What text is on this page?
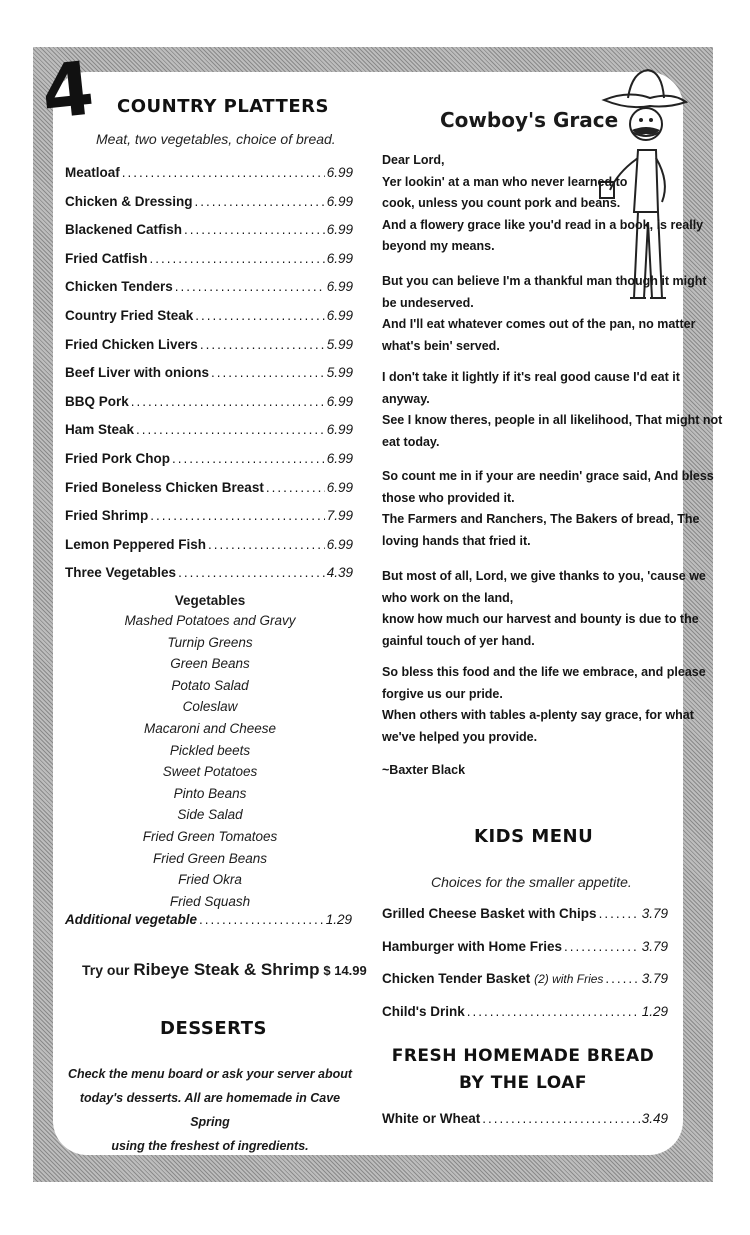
4 COUNTRY PLATTERS
Meat, two vegetables, choice of bread.
Meatloaf .....	6.99
Chicken & Dressing .....	6.99
Blackened Catfish .....	6.99
Fried Catfish .....	6.99
Chicken Tenders .....	6.99
Country Fried Steak .....	6.99
Fried Chicken Livers .....	5.99
Beef Liver with onions .....	5.99
BBQ Pork .....	6.99
Ham Steak .....	6.99
Fried Pork Chop .....	6.99
Fried Boneless Chicken Breast .....	6.99
Fried Shrimp .....	7.99
Lemon Peppered Fish .....	6.99
Three Vegetables .....	4.39
Vegetables
Mashed Potatoes and Gravy
Turnip Greens
Green Beans
Potato Salad
Coleslaw
Macaroni and Cheese
Pickled beets
Sweet Potatoes
Pinto Beans
Side Salad
Fried Green Tomatoes
Fried Green Beans
Fried Okra
Fried Squash
Additional vegetable .....	1.29
Try our Ribeye Steak & Shrimp $ 14.99
DESSERTS
Check the menu board or ask your server about
today's desserts. All are homemade in Cave Spring
using the freshest of ingredients.
Cowboy's Grace
Dear Lord,
Yer lookin' at a man who never learned to
cook, unless you count pork and beans.
And a flowery grace like you'd read in a book, is really
beyond my means.
But you can believe I'm a thankful man though it might
be undeserved.
And I'll eat whatever comes out of the pan, no matter
what's bein' served.
I don't take it lightly if it's real good cause I'd eat it
anyway.
See I know theres, people in all likelihood, That might not
eat today.
So count me in if your are needin' grace said, And bless
those who provided it.
The Farmers and Ranchers, The Bakers of bread, The
loving hands that fried it.
But most of all, Lord, we give thanks to you, 'cause we
who work on the land,
know how much our harvest and bounty is due to the
gainful touch of yer hand.
So bless this food and the life we embrace, and please
forgive us our pride.
When others with tables a-plenty say grace, for what
we've helped you provide.
~Baxter Black
KIDS MENU
Choices for the smaller appetite.
Grilled Cheese Basket with Chips .....	3.79
Hamburger with Home Fries .....	3.79
Chicken Tender Basket
(2) with Fries .....	3.79
Child's Drink .....	1.29
FRESH HOMEMADE BREAD
BY THE LOAF
White or Wheat .....	3.49
